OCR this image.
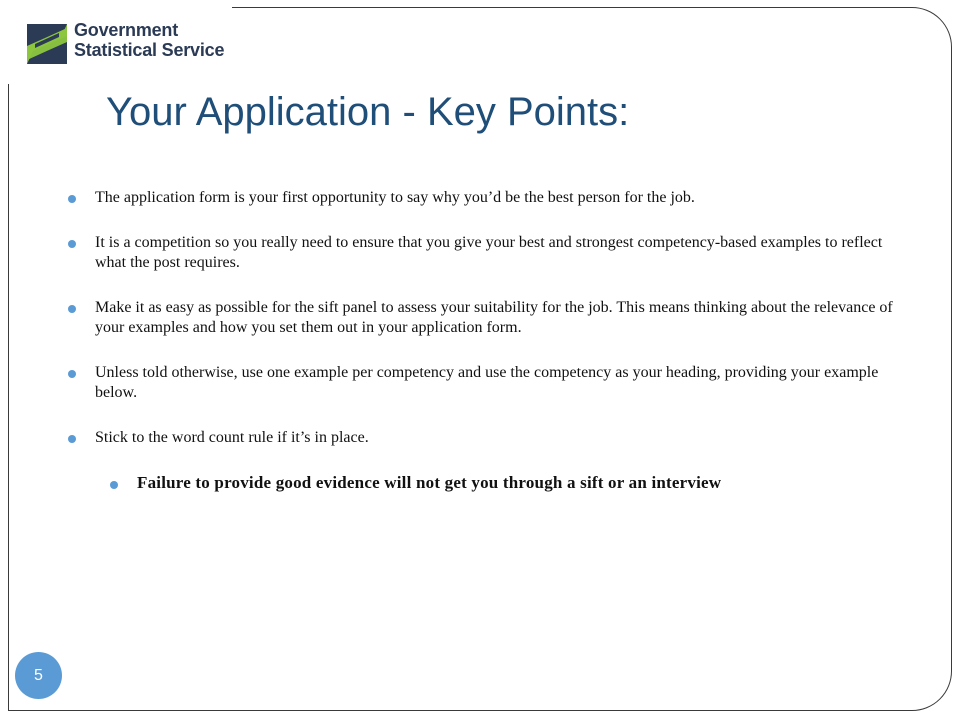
Government
Statistical Service
Your Application - Key Points:
The application form is your first opportunity to say why you’d be the best person for the job.
It is a competition so you really need to ensure that you give your best and strongest competency-based examples to reflect what the post requires.
Make it as easy as possible for the sift panel to assess your suitability for the job. This means thinking about the relevance of your examples and how you set them out in your application form.
Unless told otherwise, use one example per competency and use the competency as your heading, providing your example below.
Stick to the word count rule if it’s in place.
Failure to provide good evidence will not get you through a sift or an interview
5
